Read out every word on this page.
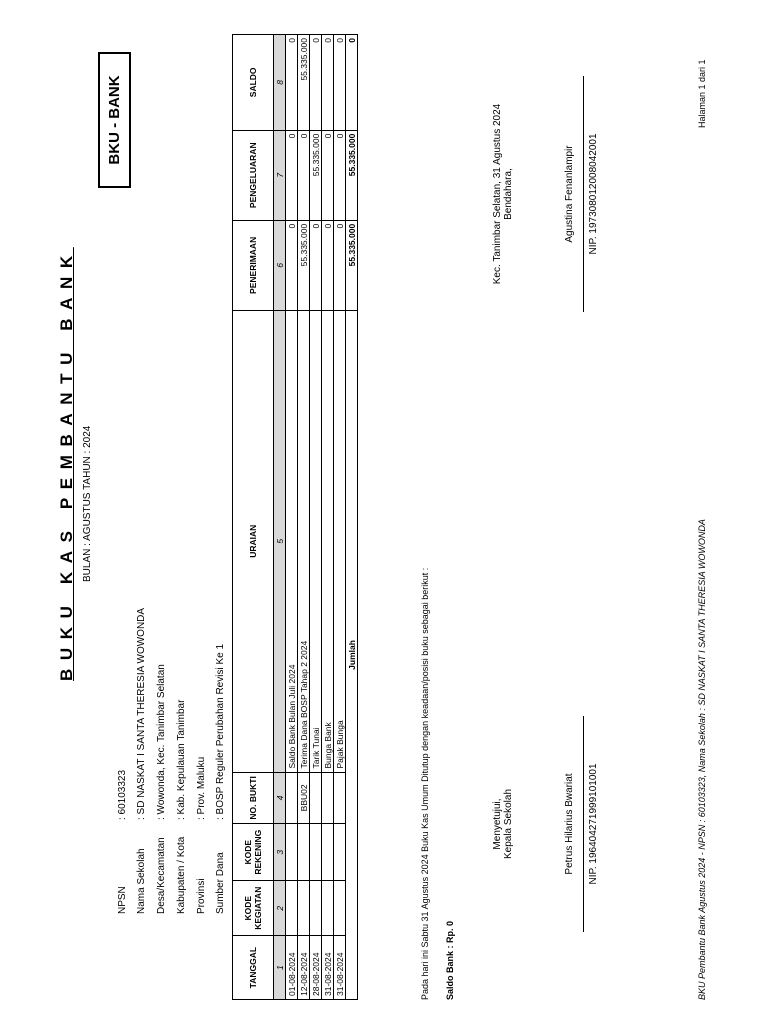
BUKU KAS PEMBANTU BANK BULAN : AGUSTUS TAHUN : 2024
BKU - BANK
NPSN: 60103323
Nama Sekolah: SD NASKAT I SANTA THERESIA WOWONDA
Desa/Kecamatan: Wowonda, Kec. Tanimbar Selatan
Kabupaten / Kota: Kab. Kepulauan Tanimbar
Provinsi: Prov. Maluku
Sumber Dana: BOSP Reguler Perubahan Revisi Ke 1
TANGGAL	KODE KEGIATAN	KODE REKENING	NO. BUKTI	URAIAN	PENERIMAAN	PENGELUARAN	SALDO
1	2	3	4	5	6	7	8
01-08-2024				Saldo Bank Bulan Juli 2024	0	0	0
12-08-2024			BBU02	Terima Dana BOSP Tahap 2 2024	55.335.000	0	55.335.000
28-08-2024				Tarik Tunai	0	55.335.000	0
31-08-2024				Bunga Bank	0	0	0
31-08-2024				Pajak Bunga	0	0	0
Jumlah					55.335.000	55.335.000	0
Pada hari ini Sabtu 31 Agustus 2024 Buku Kas Umum Ditutup dengan keadaan/posisi buku sebagai berikut : Saldo Bank : Rp. 0
Menyetujui, Kepala Sekolah	Petrus Hilarius Bwariat NIP. 196404271999101001
Kec. Tanimbar Selatan, 31 Agustus 2024 Bendahara,	Agustina Fenanlampir NIP. 197308012008042001
BKU Pembantu Bank Agustus 2024 - NPSN : 60103323, Nama Sekolah : SD NASKAT I SANTA THERESIA WOWONDA
Halaman 1 dari 1
